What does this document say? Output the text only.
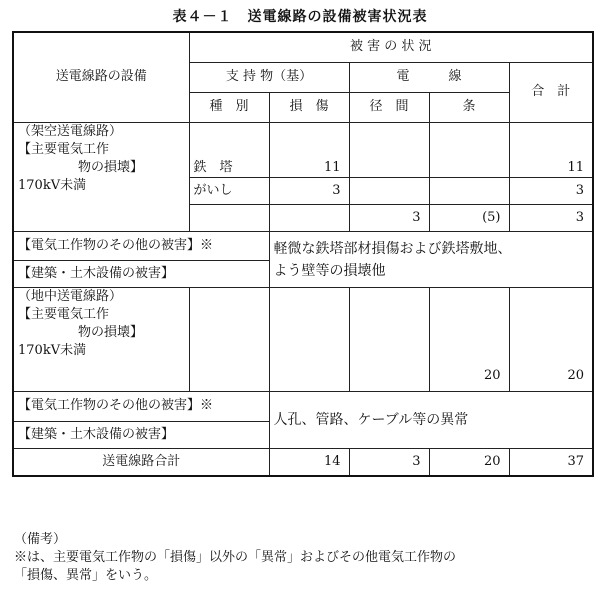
表４－１　送電線路の設備被害状況表
送電線路の設備	被 害 の 状 況				
	支 持 物（基）		電　　　線		合　計
	種　別	損　傷	径　間	条	

（架空送電線路）
【主要電気工作
物の損壊】
170kV未満	鉄　塔	11			11
	がいし	3			3
			3	(5)	3
【電気工作物のその他の被害】※		軽微な鉄塔部材損傷および鉄塔敷地、
よう壁等の損壊他			

【建築・土木設備の被害】					

（地中送電線路）
【主要電気工作
物の損壊】
170kV未満				20	20
【電気工作物のその他の被害】※		人孔、管路、ケーブル等の異常			
【建築・土木設備の被害】					
送電線路合計		14	3	20	37
（備考）
※は、主要電気工作物の「損傷」以外の「異常」およびその他電気工作物の
「損傷、異常」をいう。
